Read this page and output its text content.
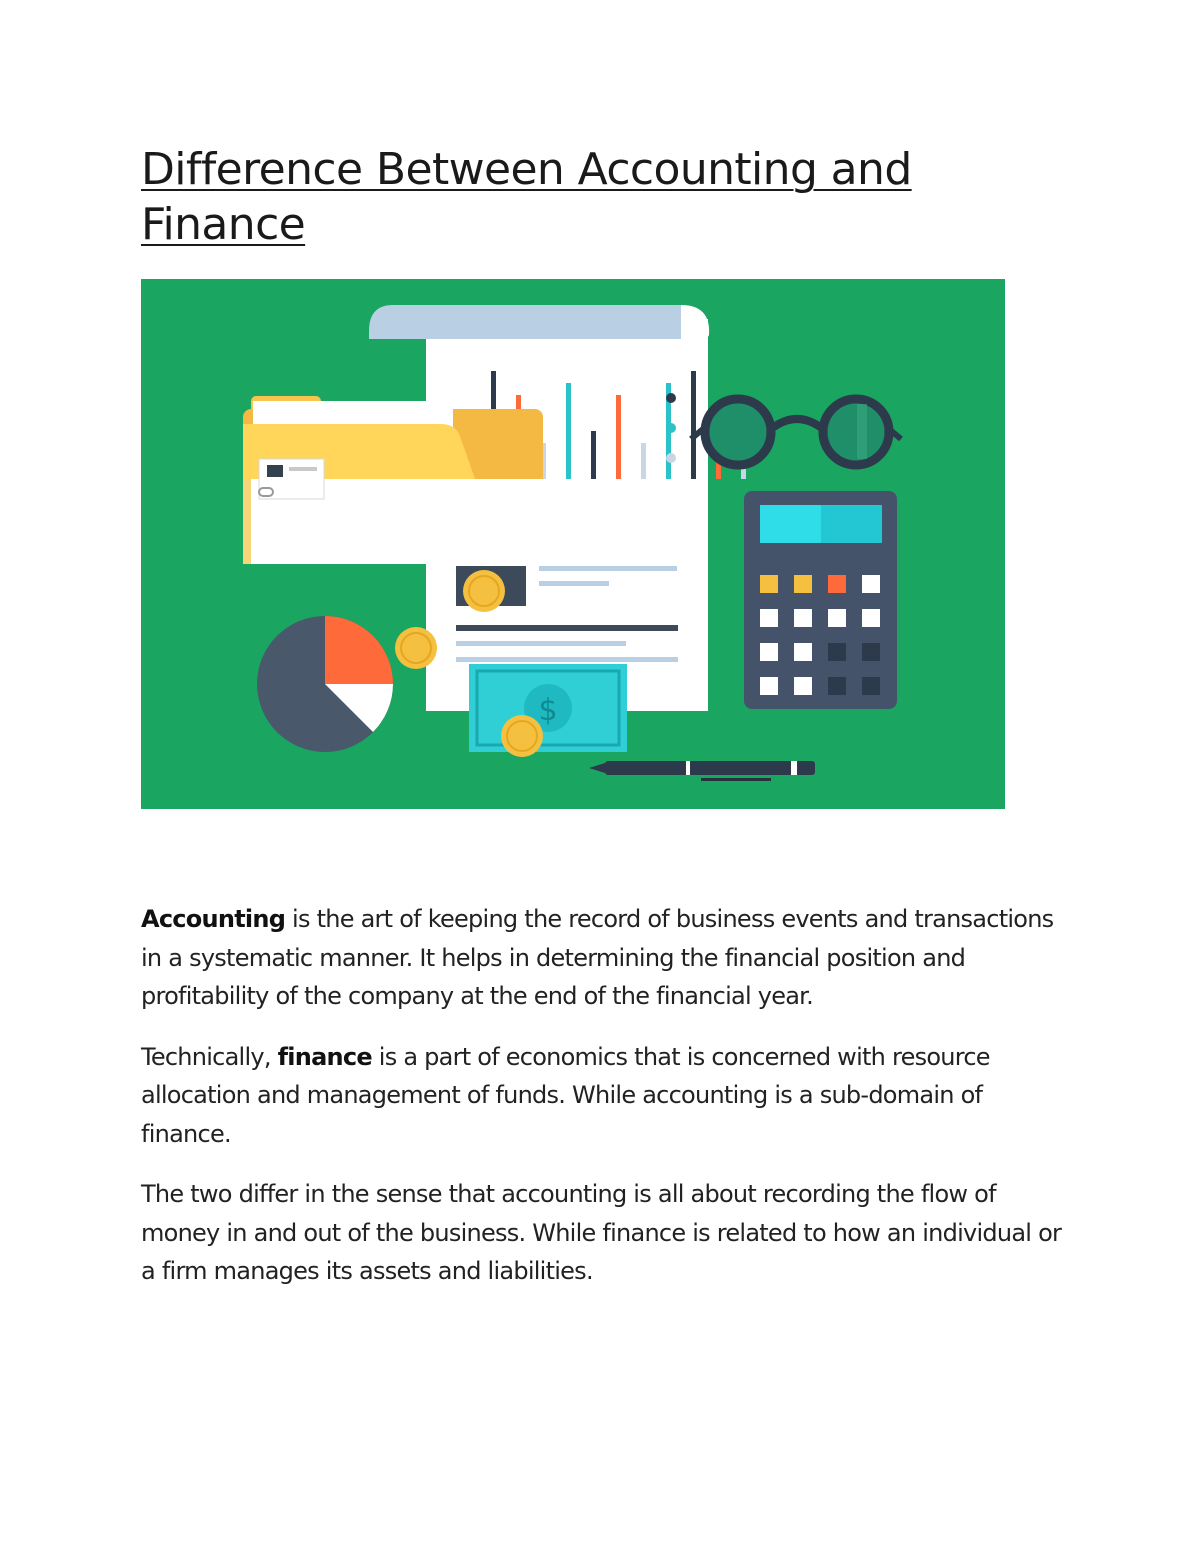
Difference Between Accounting and Finance
$

Accounting is the art of keeping the record of business events and transactions in a systematic manner. It helps in determining the financial position and profitability of the company at the end of the financial year.

Technically, finance is a part of economics that is concerned with resource allocation and management of funds. While accounting is a sub-domain of finance.

The two differ in the sense that accounting is all about recording the flow of money in and out of the business. While finance is related to how an individual or a firm manages its assets and liabilities.
